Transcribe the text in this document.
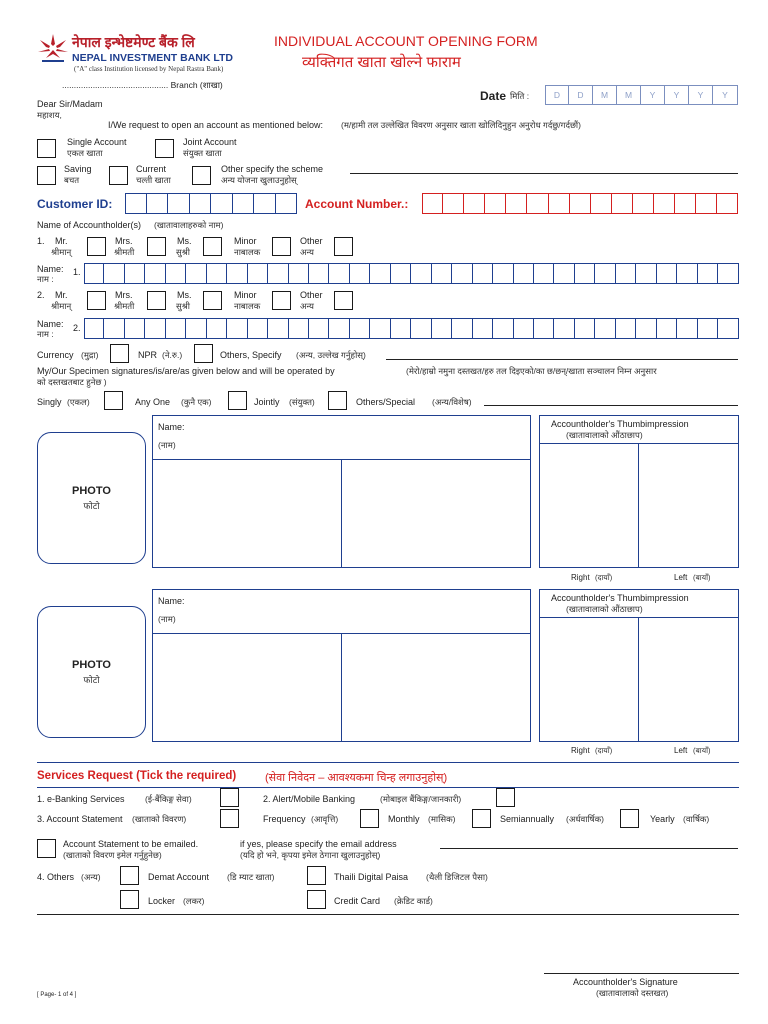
नेपाल इन्भेष्टमेण्ट बैंक लि
NEPAL INVESTMENT BANK LTD
("A" class Institution licensed by Nepal Rastra Bank)
INDIVIDUAL ACCOUNT OPENING FORM
व्यक्तिगत खाता खोल्ने फाराम
............................................. Branch (शाखा)
Date मिति :	D	D	M	M	Y	Y	Y	Y
Dear Sir/Madam
महाशय,
I/We request to open an account as mentioned below: (म/हामी तल उल्लेखित विवरण अनुसार खाता खोलिदिनुहुन अनुरोध गर्दछु/गर्दछौं)
Single Account
एकल खाता
Joint Account
संयुक्त खाता
Saving
बचत
Current
चल्ती खाता
Other specify the scheme
अन्य योजना खुलाउनुहोस्
Customer ID:	Account Number.:
Name of Accountholder(s) (खातावालाहरुको नाम)
1. Mr.
श्रीमान्
Mrs.
श्रीमती
Ms.
सुश्री
Minor
नाबालक
Other
अन्य
Name:
नाम :
1.
2. Mr.
श्रीमान्
Mrs.
श्रीमती
Ms.
सुश्री
Minor
नाबालक
Other
अन्य
Name:
नाम :
2.
Currency (मुद्रा)	NPR (ने.रु.)	Others, Specify (अन्य, उल्लेख गर्नुहोस्)
My/Our Specimen signatures/is/are/as given below and will be operated by	(मेरो/हाम्रो नमुना दस्तखत/हरु तल दिइएको/का छ/छन्/खाता सञ्चालन निम्न अनुसार
को दस्तखतबाट हुनेछ )
Singly (एकल)	Any One (कुनै एक)	Jointly (संयुक्त)	Others/Special (अन्य/विशेष)
PHOTO
फोटो
Name:
(नाम)
Accountholder's Thumbimpression
(खातावालाको औंठाछाप)
Right (दायाँ)	Left (बायाँ)
PHOTO
फोटो
Name:
(नाम)
Accountholder's Thumbimpression
(खातावालाको औंठाछाप)
Right (दायाँ)	Left (बायाँ)
Services Request (Tick the required)	(सेवा निवेदन – आवश्यकमा चिन्ह लगाउनुहोस्)
1. e-Banking Services (ई-बैंकिङ्ग सेवा)	2. Alert/Mobile Banking	(मोबाइल बैंकिङ्ग/जानकारी)
3. Account Statement (खाताको विवरण)	Frequency (आवृत्ति)	Monthly (मासिक)	Semiannually (अर्धवार्षिक)	Yearly (वार्षिक)
Account Statement to be emailed.
(खाताको विवरण इमेल गर्नुहुनेछ)
if yes, please specify the email address
(यदि हो भने, कृपया इमेल ठेगाना खुलाउनुहोस्)
4. Others (अन्य)	Demat Account (डि म्याट खाता)	Thaili Digital Paisa (थैली डिजिटल पैसा)
Locker (लकर)	Credit Card (क्रेडिट कार्ड)
Accountholder's Signature
(खातावालाको दस्तखत)
[ Page- 1 of 4 ]
